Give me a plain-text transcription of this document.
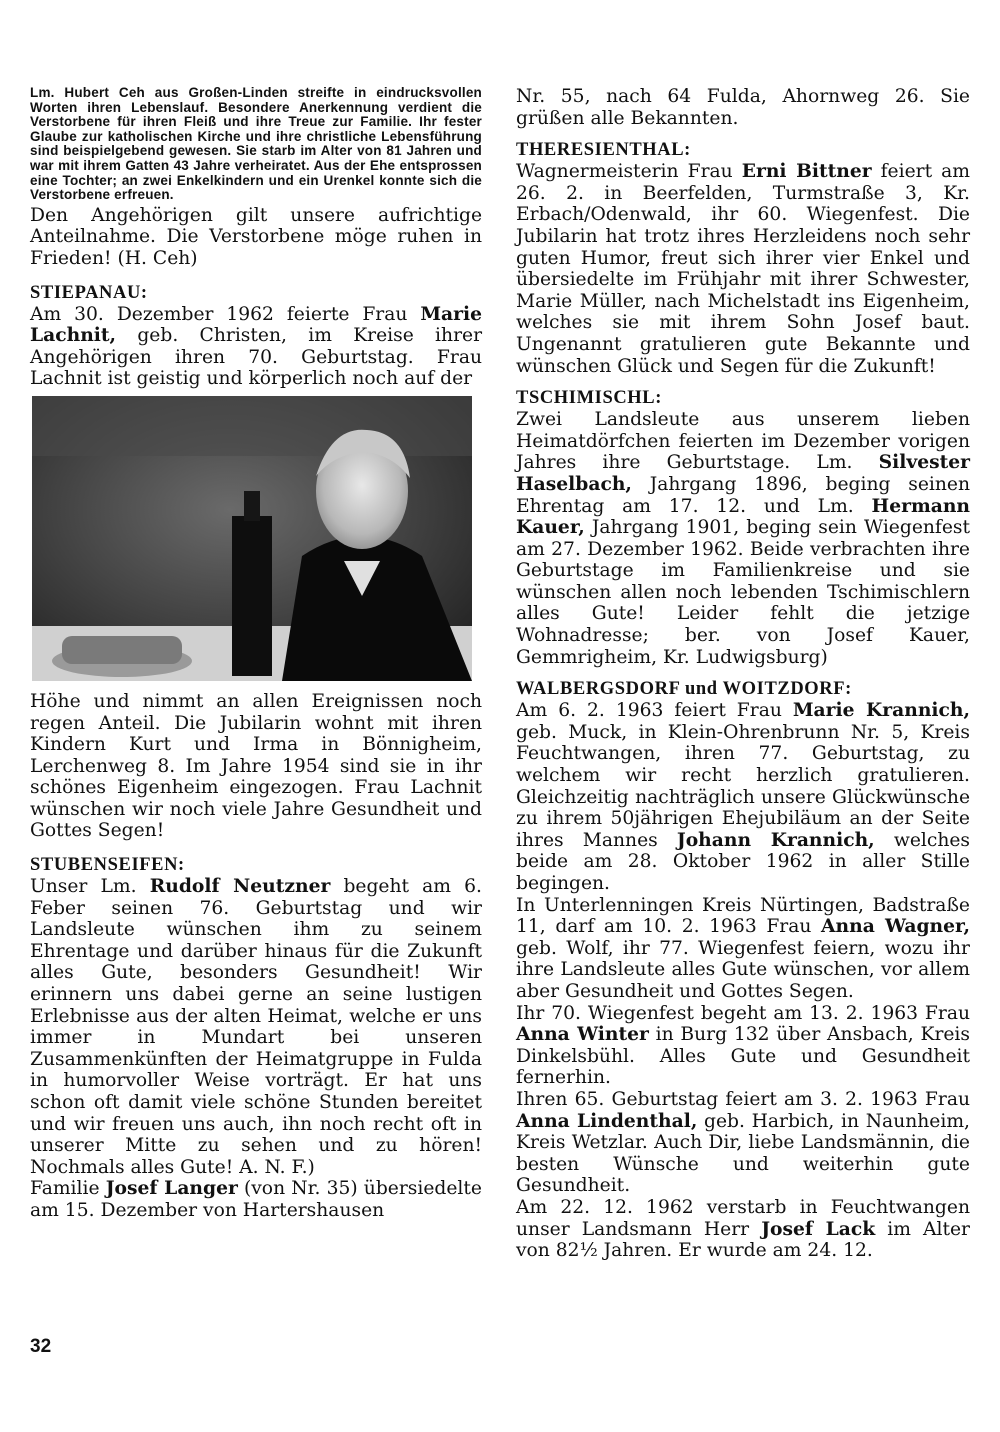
Lm. Hubert Ceh aus Großen-Linden streifte in eindrucksvollen Worten ihren Lebenslauf. Besondere Anerkennung verdient die Verstorbene für ihren Fleiß und ihre Treue zur Familie. Ihr fester Glaube zur katholischen Kirche und ihre christliche Lebensführung sind beispielgebend gewesen. Sie starb im Alter von 81 Jahren und war mit ihrem Gatten 43 Jahre verheiratet. Aus der Ehe entsprossen eine Tochter; an zwei Enkelkindern und ein Urenkel konnte sich die Verstorbene erfreuen.

Den Angehörigen gilt unsere aufrichtige Anteilnahme. Die Verstorbene möge ruhen in Frieden! (H. Ceh)

STIEPANAU:

Am 30. Dezember 1962 feierte Frau Marie Lachnit, geb. Christen, im Kreise ihrer Angehörigen ihren 70. Geburtstag. Frau Lachnit ist geistig und körperlich noch auf der

Höhe und nimmt an allen Ereignissen noch regen Anteil. Die Jubilarin wohnt mit ihren Kindern Kurt und Irma in Bönnigheim, Lerchenweg 8. Im Jahre 1954 sind sie in ihr schönes Eigenheim eingezogen. Frau Lachnit wünschen wir noch viele Jahre Gesundheit und Gottes Segen!

STUBENSEIFEN:

Unser Lm. Rudolf Neutzner begeht am 6. Feber seinen 76. Geburtstag und wir Landsleute wünschen ihm zu seinem Ehrentage und darüber hinaus für die Zukunft alles Gute, besonders Gesundheit! Wir erinnern uns dabei gerne an seine lustigen Erlebnisse aus der alten Heimat, welche er uns immer in Mundart bei unseren Zusammenkünften der Heimatgruppe in Fulda in humorvoller Weise vorträgt. Er hat uns schon oft damit viele schöne Stunden bereitet und wir freuen uns auch, ihn noch recht oft in unserer Mitte zu sehen und zu hören! Nochmals alles Gute! A. N. F.)

Familie Josef Langer (von Nr. 35) übersiedelte am 15. Dezember von Hartershausen

Nr. 55, nach 64 Fulda, Ahornweg 26. Sie grüßen alle Bekannten.

THERESIENTHAL:

Wagnermeisterin Frau Erni Bittner feiert am 26. 2. in Beerfelden, Turmstraße 3, Kr. Erbach/Odenwald, ihr 60. Wiegenfest. Die Jubilarin hat trotz ihres Herzleidens noch sehr guten Humor, freut sich ihrer vier Enkel und übersiedelte im Frühjahr mit ihrer Schwester, Marie Müller, nach Michelstadt ins Eigenheim, welches sie mit ihrem Sohn Josef baut. Ungenannt gratulieren gute Bekannte und wünschen Glück und Segen für die Zukunft!

TSCHIMISCHL:

Zwei Landsleute aus unserem lieben Heimatdörfchen feierten im Dezember vorigen Jahres ihre Geburtstage. Lm. Silvester Haselbach, Jahrgang 1896, beging seinen Ehrentag am 17. 12. und Lm. Hermann Kauer, Jahrgang 1901, beging sein Wiegenfest am 27. Dezember 1962. Beide verbrachten ihre Geburtstage im Familienkreise und sie wünschen allen noch lebenden Tschimischlern alles Gute! Leider fehlt die jetzige Wohnadresse; ber. von Josef Kauer, Gemmrigheim, Kr. Ludwigsburg)

WALBERGSDORF und WOITZDORF:

Am 6. 2. 1963 feiert Frau Marie Krannich, geb. Muck, in Klein-Ohrenbrunn Nr. 5, Kreis Feuchtwangen, ihren 77. Geburtstag, zu welchem wir recht herzlich gratulieren. Gleichzeitig nachträglich unsere Glückwünsche zu ihrem 50jährigen Ehejubiläum an der Seite ihres Mannes Johann Krannich, welches beide am 28. Oktober 1962 in aller Stille begingen.

In Unterlenningen Kreis Nürtingen, Badstraße 11, darf am 10. 2. 1963 Frau Anna Wagner, geb. Wolf, ihr 77. Wiegenfest feiern, wozu ihr ihre Landsleute alles Gute wünschen, vor allem aber Gesundheit und Gottes Segen.

Ihr 70. Wiegenfest begeht am 13. 2. 1963 Frau Anna Winter in Burg 132 über Ansbach, Kreis Dinkelsbühl. Alles Gute und Gesundheit fernerhin.

Ihren 65. Geburtstag feiert am 3. 2. 1963 Frau Anna Lindenthal, geb. Harbich, in Naunheim, Kreis Wetzlar. Auch Dir, liebe Landsmännin, die besten Wünsche und weiterhin gute Gesundheit.

Am 22. 12. 1962 verstarb in Feuchtwangen unser Landsmann Herr Josef Lack im Alter von 82½ Jahren. Er wurde am 24. 12.

32
